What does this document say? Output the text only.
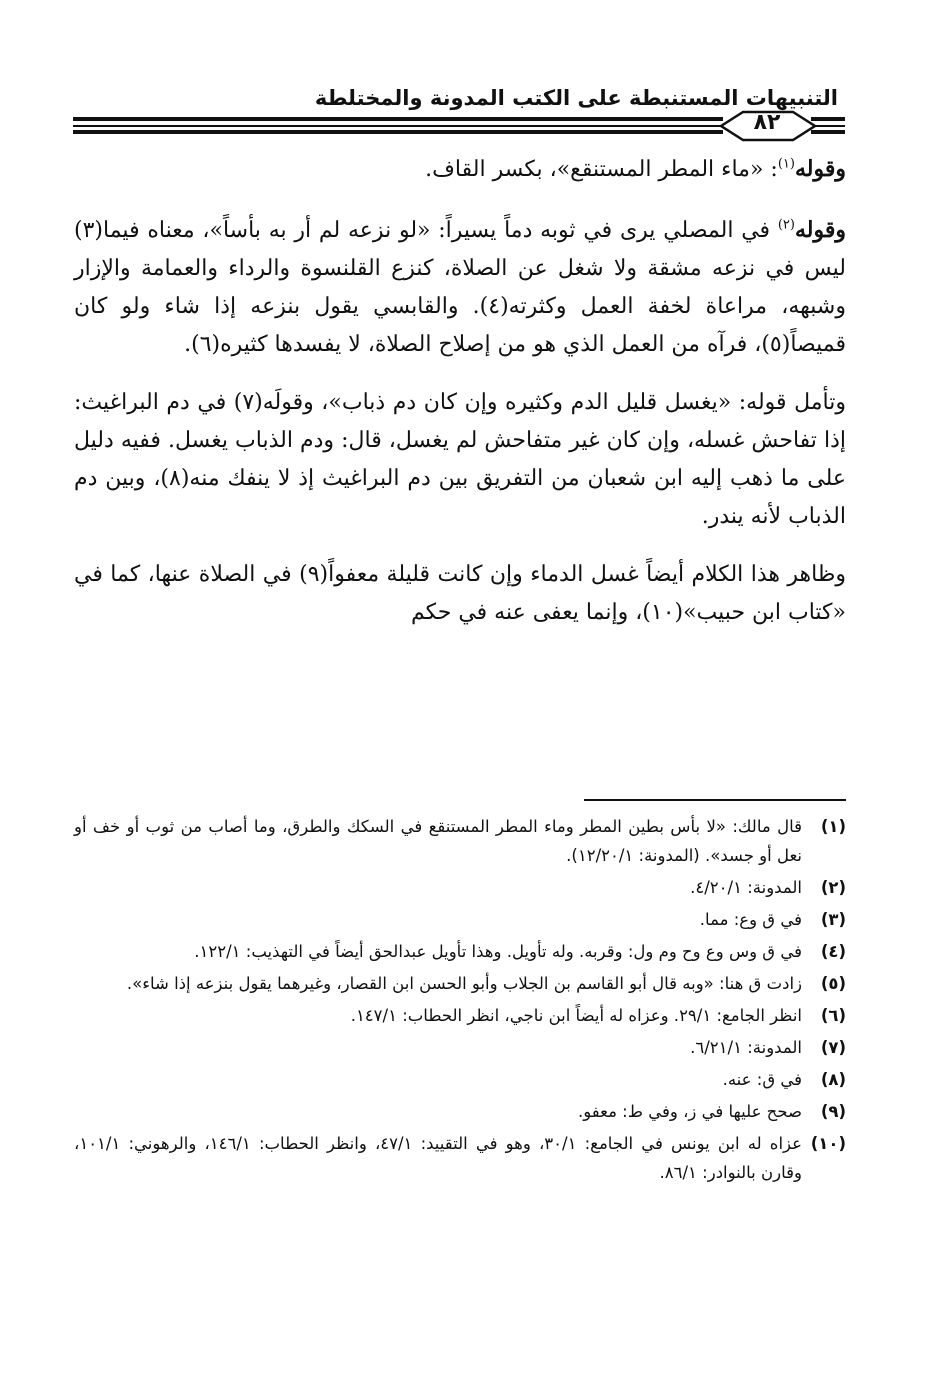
التنبيهات المستنبطة على الكتب المدونة والمختلطة
٨٢

وقوله$^{(١)}$: «ماء المطر المستنقع»، بكسر القاف.

وقوله$^{(٢)}$ في المصلي يرى في ثوبه دماً يسيراً: «لو نزعه لم أر به بأساً»، معناه فيما(٣) ليس في نزعه مشقة ولا شغل عن الصلاة، كنزع القلنسوة والرداء والعمامة والإزار وشبهه، مراعاة لخفة العمل وكثرته(٤). والقابسي يقول بنزعه إذا شاء ولو كان قميصاً(٥)، فرآه من العمل الذي هو من إصلاح الصلاة، لا يفسدها كثيره(٦).

وتأمل قوله: «يغسل قليل الدم وكثيره وإن كان دم ذباب»، وقولَه(٧) في دم البراغيث: إذا تفاحش غسله، وإن كان غير متفاحش لم يغسل، قال: ودم الذباب يغسل. ففيه دليل على ما ذهب إليه ابن شعبان من التفريق بين دم البراغيث إذ لا ينفك منه(٨)، وبين دم الذباب لأنه يندر.

وظاهر هذا الكلام أيضاً غسل الدماء وإن كانت قليلة معفواً(٩) في الصلاة عنها، كما في «كتاب ابن حبيب»(١٠)، وإنما يعفى عنه في حكم

(١)
قال مالك: «لا بأس بطين المطر وماء المطر المستنقع في السكك والطرق، وما أصاب من ثوب أو خف أو نعل أو جسد». (المدونة: ١٢/٢٠/١).
(٢)
المدونة: ٤/٢٠/١.
(٣)
في ق وع: مما.
(٤)
في ق وس وع وح وم ول: وقربه. وله تأويل. وهذا تأويل عبدالحق أيضاً في التهذيب: ١٢٢/١.
(٥)
زادت ق هنا: «وبه قال أبو القاسم بن الجلاب وأبو الحسن ابن القصار، وغيرهما يقول بنزعه إذا شاء».
(٦)
انظر الجامع: ٢٩/١. وعزاه له أيضاً ابن ناجي، انظر الحطاب: ١٤٧/١.
(٧)
المدونة: ٦/٢١/١.
(٨)
في ق: عنه.
(٩)
صحح عليها في ز، وفي ط: معفو.
(١٠)
عزاه له ابن يونس في الجامع: ٣٠/١، وهو في التقييد: ٤٧/١، وانظر الحطاب: ١٤٦/١، والرهوني: ١٠١/١، وقارن بالنوادر: ٨٦/١.
